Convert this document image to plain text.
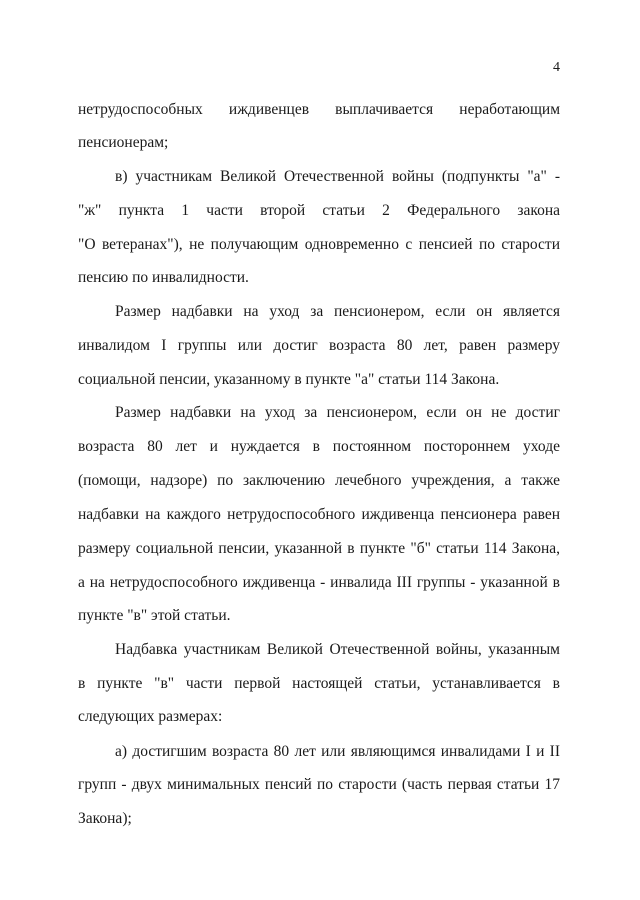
4
нетрудоспособных иждивенцев выплачивается неработающим
пенсионерам;
в) участникам Великой Отечественной войны (подпункты "а" -
"ж" пункта 1 части второй статьи 2 Федерального закона
"О ветеранах"), не получающим одновременно с пенсией по старости
пенсию по инвалидности.
Размер надбавки на уход за пенсионером, если он является
инвалидом I группы или достиг возраста 80 лет, равен размеру
социальной пенсии, указанному в пункте "а" статьи 114 Закона.
Размер надбавки на уход за пенсионером, если он не достиг
возраста 80 лет и нуждается в постоянном постороннем уходе
(помощи, надзоре) по заключению лечебного учреждения, а также
надбавки на каждого нетрудоспособного иждивенца пенсионера равен
размеру социальной пенсии, указанной в пункте "б" статьи 114 Закона,
а на нетрудоспособного иждивенца - инвалида III группы - указанной в
пункте "в" этой статьи.
Надбавка участникам Великой Отечественной войны, указанным
в пункте "в" части первой настоящей статьи, устанавливается в
следующих размерах:
а) достигшим возраста 80 лет или являющимся инвалидами I и II
групп - двух минимальных пенсий по старости (часть первая статьи 17
Закона);
